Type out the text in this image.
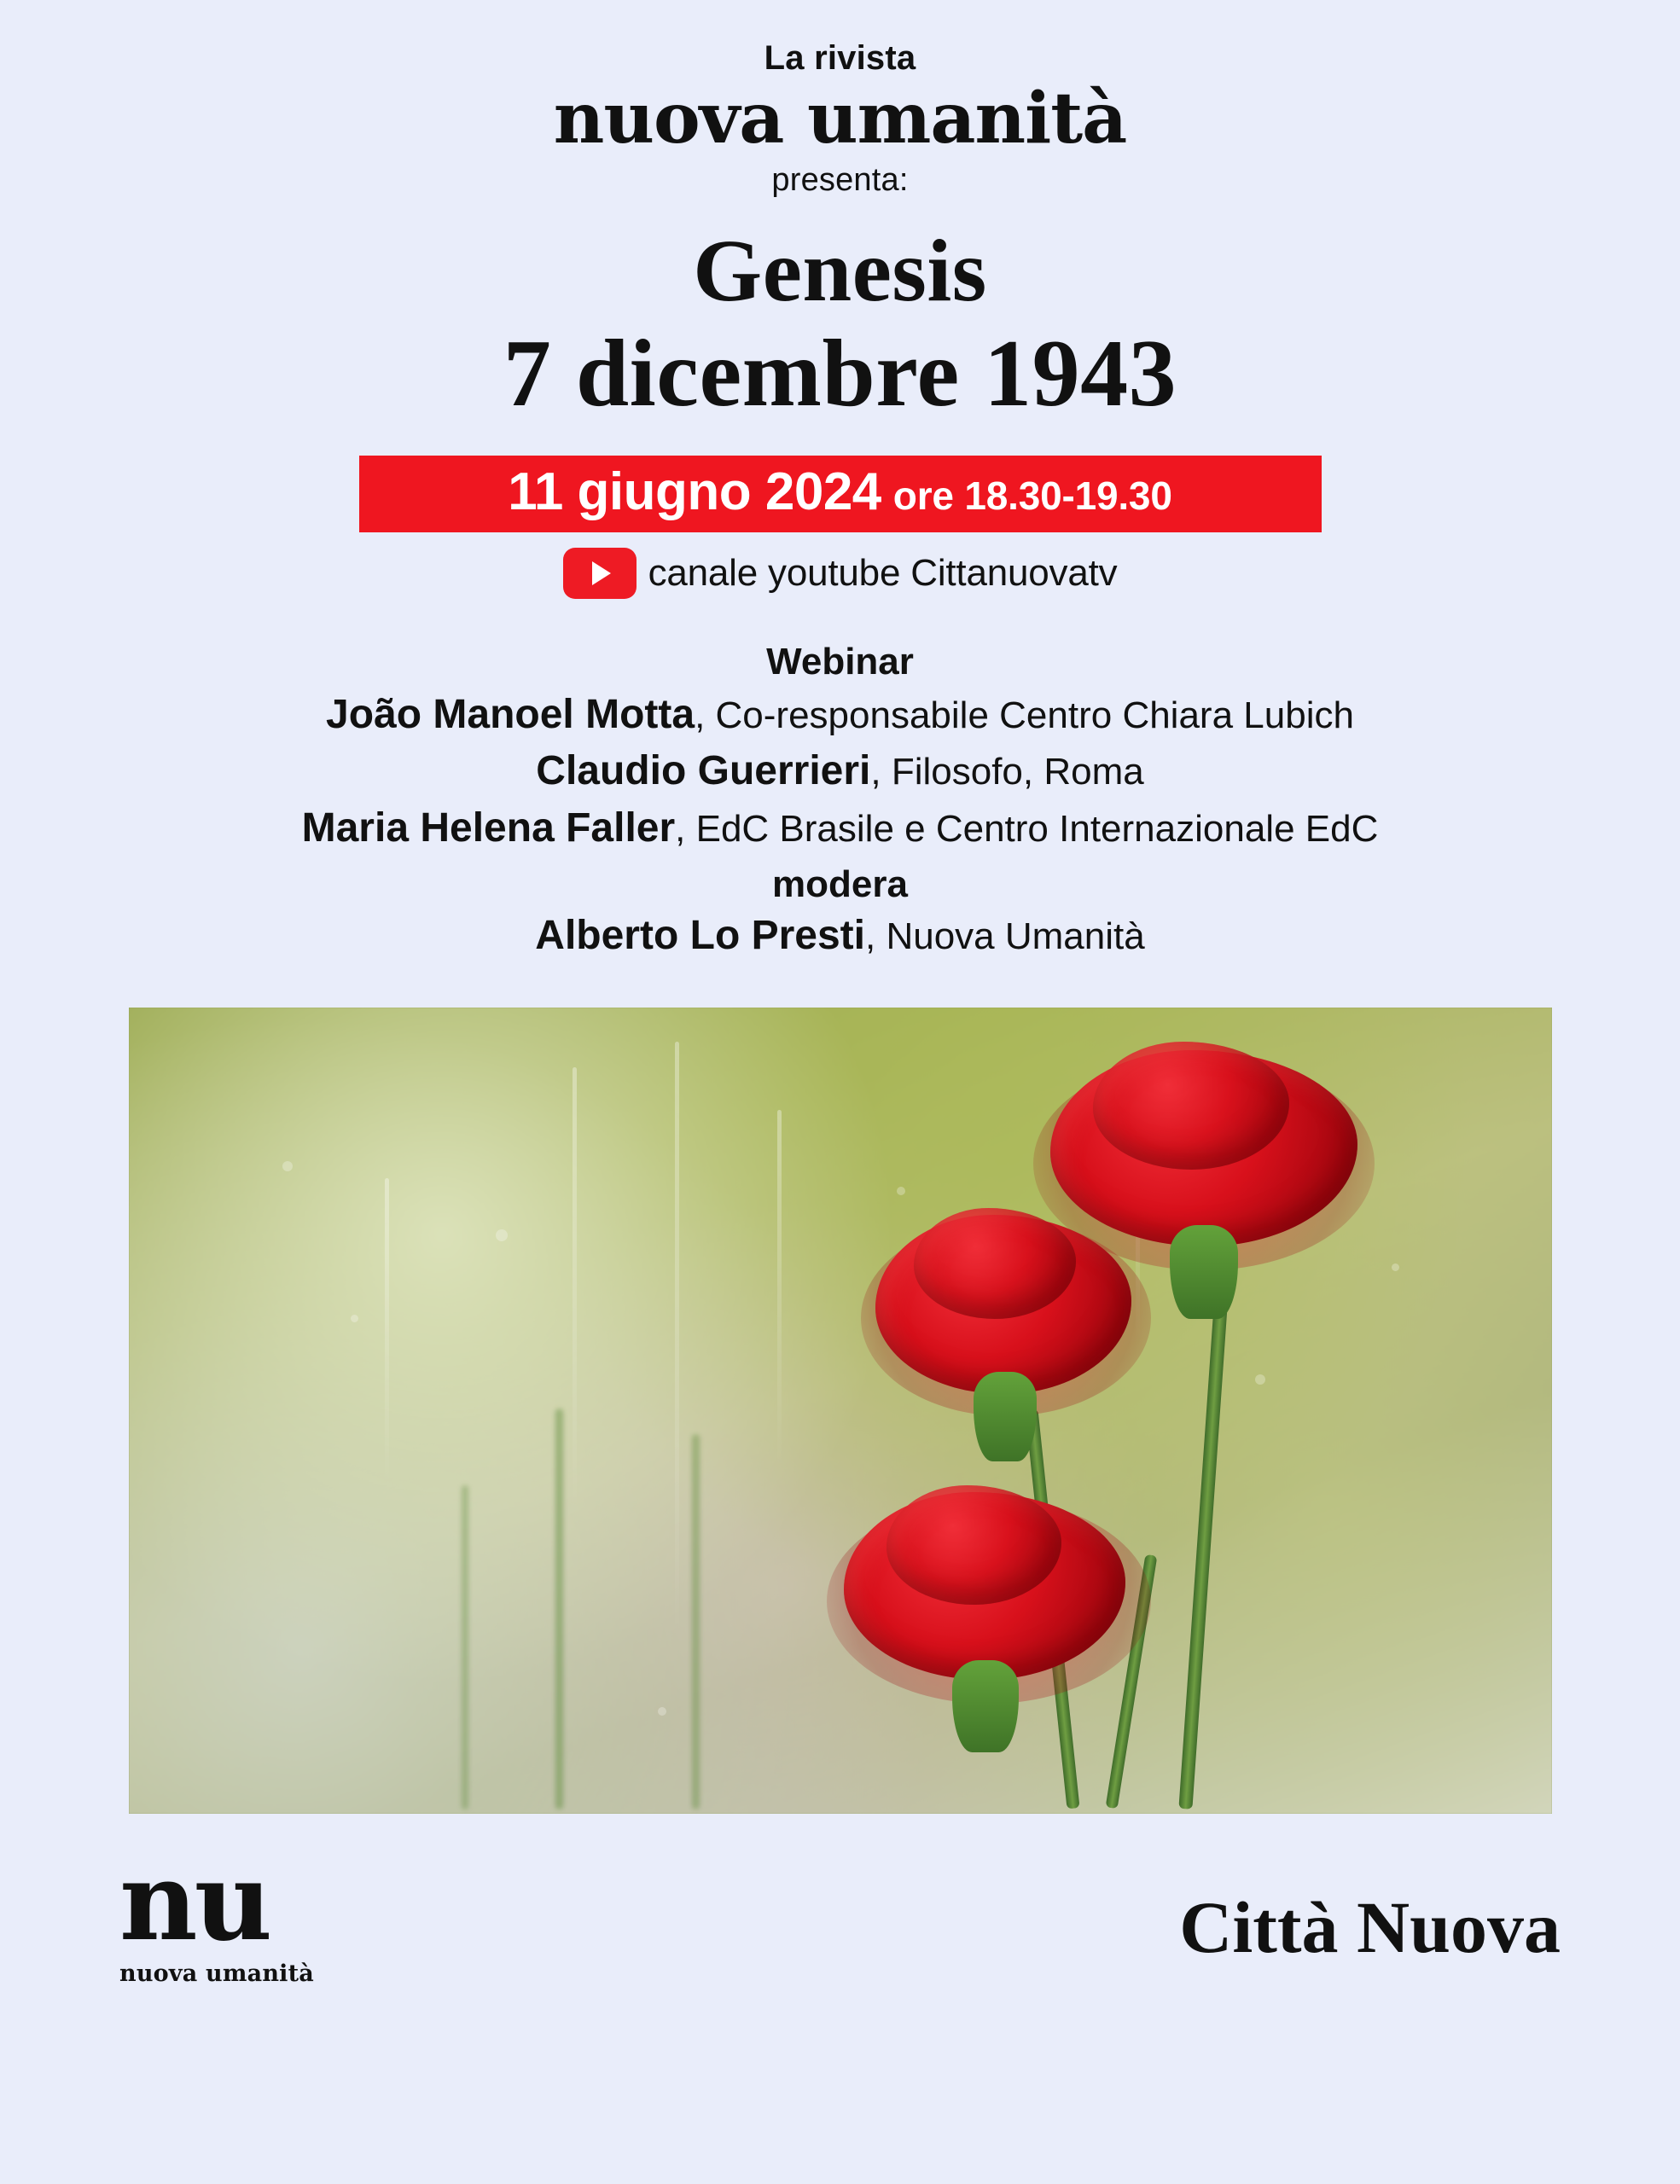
La rivista
nuova umanità
presenta:
Genesis
7 dicembre 1943
11 giugno 2024 ore 18.30-19.30
canale youtube Cittanuovatv
Webinar
João Manoel Motta, Co-responsabile Centro Chiara Lubich
Claudio Guerrieri, Filosofo, Roma
Maria Helena Faller, EdC Brasile e Centro Internazionale EdC
modera
Alberto Lo Presti, Nuova Umanità
nu
nuova umanità
Città Nuova
